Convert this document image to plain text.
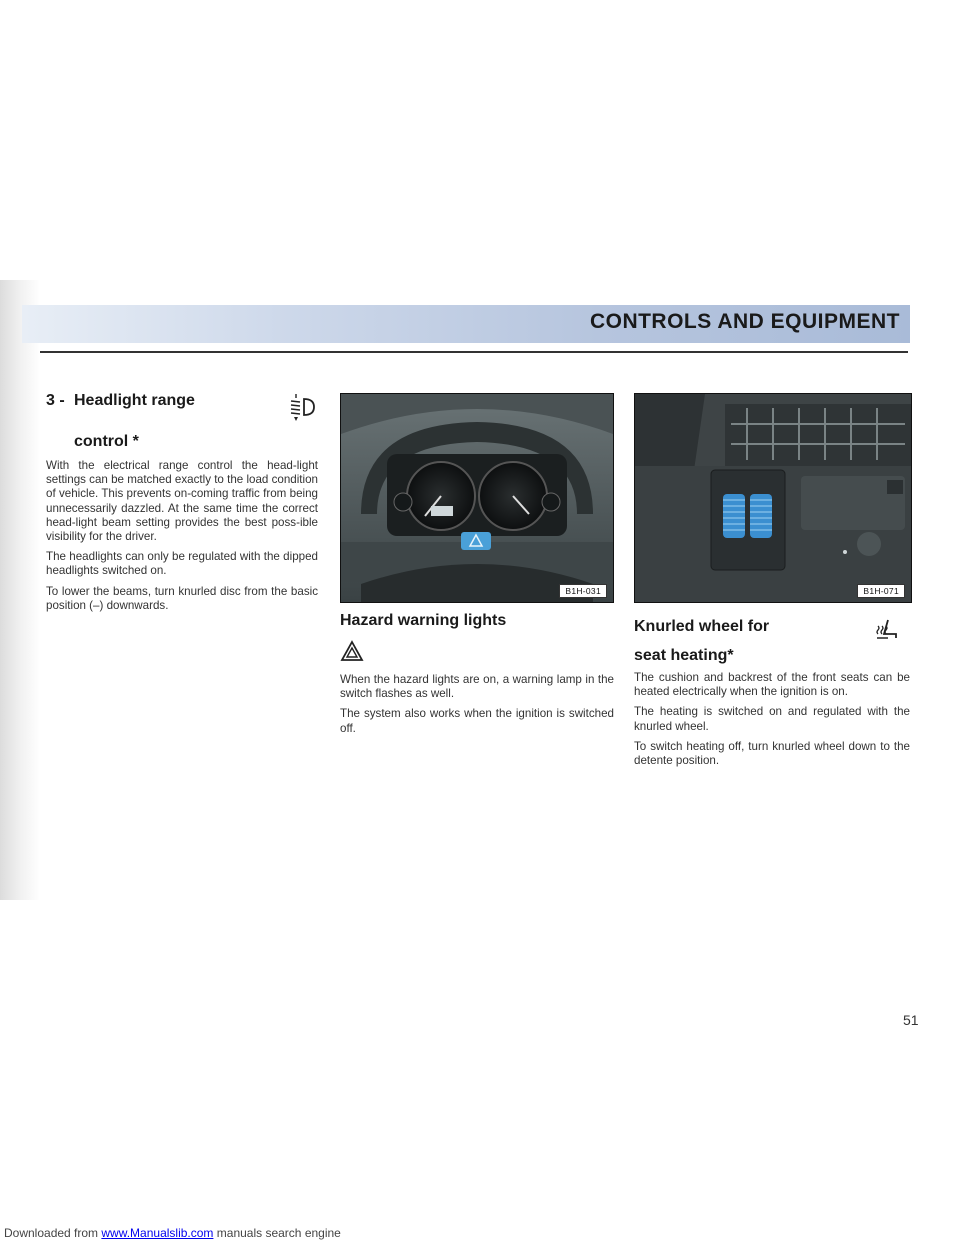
CONTROLS AND EQUIPMENT
3 - Headlight range
control *

With the electrical range control the head-light settings can be matched exactly to the load condition of vehicle. This prevents on-coming traffic from being unnecessarily dazzled. At the same time the correct head-light beam setting provides the best poss-ible visibility for the driver.

The headlights can only be regulated with the dipped headlights switched on.

To lower the beams, turn knurled disc from the basic position (–) downwards.

B1H-031	B1H-071
Hazard warning lights

When the hazard lights are on, a warning lamp in the switch flashes as well.

The system also works when the ignition is switched off.

Knurled wheel for
seat heating*

The cushion and backrest of the front seats can be heated electrically when the ignition is on.

The heating is switched on and regulated with the knurled wheel.

To switch heating off, turn knurled wheel down to the detente position.

51
Downloaded from www.Manualslib.com manuals search engine
